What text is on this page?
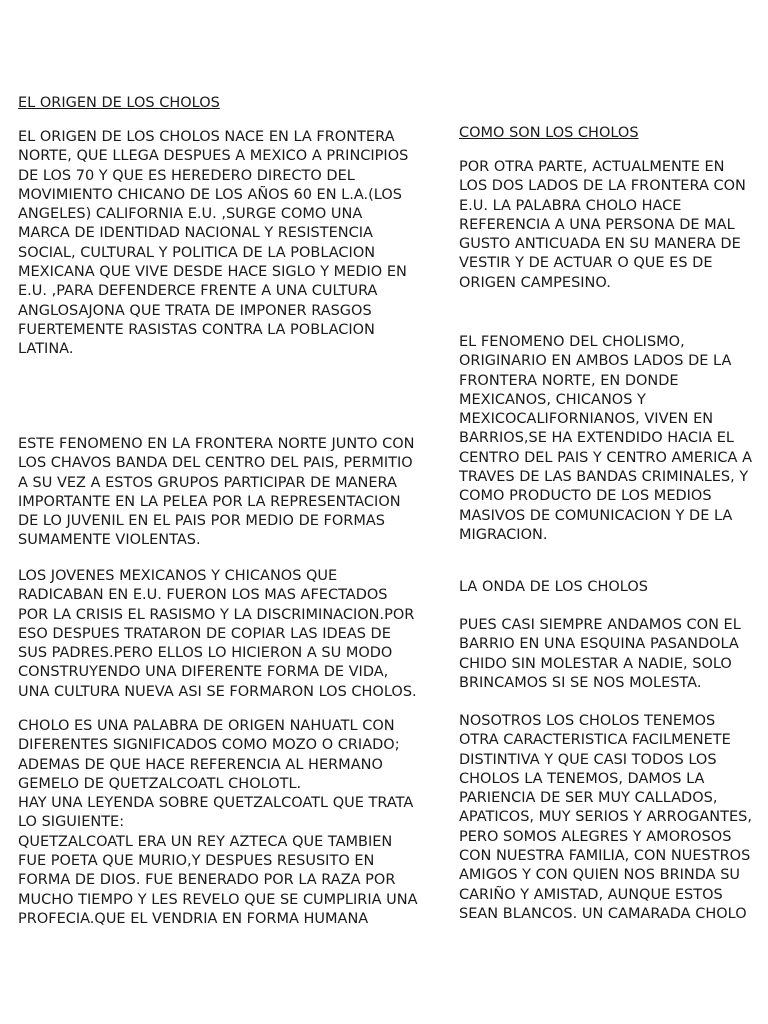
EL ORIGEN DE LOS CHOLOS

EL ORIGEN DE LOS CHOLOS NACE EN LA FRONTERA
NORTE, QUE LLEGA DESPUES A MEXICO A PRINCIPIOS
DE LOS 70 Y QUE ES HEREDERO DIRECTO DEL
MOVIMIENTO CHICANO DE LOS AÑOS 60 EN L.A.(LOS
ANGELES) CALIFORNIA E.U. ,SURGE COMO UNA
MARCA DE IDENTIDAD NACIONAL Y RESISTENCIA
SOCIAL, CULTURAL Y POLITICA DE LA POBLACION
MEXICANA QUE VIVE DESDE HACE SIGLO Y MEDIO EN
E.U. ,PARA DEFENDERCE FRENTE A UNA CULTURA
ANGLOSAJONA QUE TRATA DE IMPONER RASGOS
FUERTEMENTE RASISTAS CONTRA LA POBLACION
LATINA.

ESTE FENOMENO EN LA FRONTERA NORTE JUNTO CON
LOS CHAVOS BANDA DEL CENTRO DEL PAIS, PERMITIO
A SU VEZ A ESTOS GRUPOS PARTICIPAR DE MANERA
IMPORTANTE EN LA PELEA POR LA REPRESENTACION
DE LO JUVENIL EN EL PAIS POR MEDIO DE FORMAS
SUMAMENTE VIOLENTAS.

LOS JOVENES MEXICANOS Y CHICANOS QUE
RADICABAN EN E.U. FUERON LOS MAS AFECTADOS
POR LA CRISIS EL RASISMO Y LA DISCRIMINACION.POR
ESO DESPUES TRATARON DE COPIAR LAS IDEAS DE
SUS PADRES.PERO ELLOS LO HICIERON A SU MODO
CONSTRUYENDO UNA DIFERENTE FORMA DE VIDA,
UNA CULTURA NUEVA ASI SE FORMARON LOS CHOLOS.

CHOLO ES UNA PALABRA DE ORIGEN NAHUATL CON
DIFERENTES SIGNIFICADOS COMO MOZO O CRIADO;
ADEMAS DE QUE HACE REFERENCIA AL HERMANO
GEMELO DE QUETZALCOATL CHOLOTL.
HAY UNA LEYENDA SOBRE QUETZALCOATL QUE TRATA
LO SIGUIENTE:
QUETZALCOATL ERA UN REY AZTECA QUE TAMBIEN
FUE POETA QUE MURIO,Y DESPUES RESUSITO EN
FORMA DE DIOS. FUE BENERADO POR LA RAZA POR
MUCHO TIEMPO Y LES REVELO QUE SE CUMPLIRIA UNA
PROFECIA.QUE EL VENDRIA EN FORMA HUMANA

COMO SON LOS CHOLOS

POR OTRA PARTE, ACTUALMENTE EN
LOS DOS LADOS DE LA FRONTERA CON
E.U. LA PALABRA CHOLO HACE
REFERENCIA A UNA PERSONA DE MAL
GUSTO ANTICUADA EN SU MANERA DE
VESTIR Y DE ACTUAR O QUE ES DE
ORIGEN CAMPESINO.

EL FENOMENO DEL CHOLISMO,
ORIGINARIO EN AMBOS LADOS DE LA
FRONTERA NORTE, EN DONDE
MEXICANOS, CHICANOS Y
MEXICOCALIFORNIANOS, VIVEN EN
BARRIOS,SE HA EXTENDIDO HACIA EL
CENTRO DEL PAIS Y CENTRO AMERICA A
TRAVES DE LAS BANDAS CRIMINALES, Y
COMO PRODUCTO DE LOS MEDIOS
MASIVOS DE COMUNICACION Y DE LA
MIGRACION.

LA ONDA DE LOS CHOLOS

PUES CASI SIEMPRE ANDAMOS CON EL
BARRIO EN UNA ESQUINA PASANDOLA
CHIDO SIN MOLESTAR A NADIE, SOLO
BRINCAMOS SI SE NOS MOLESTA.

NOSOTROS LOS CHOLOS TENEMOS
OTRA CARACTERISTICA FACILMENETE
DISTINTIVA Y QUE CASI TODOS LOS
CHOLOS LA TENEMOS, DAMOS LA
PARIENCIA DE SER MUY CALLADOS,
APATICOS, MUY SERIOS Y ARROGANTES,
PERO SOMOS ALEGRES Y AMOROSOS
CON NUESTRA FAMILIA, CON NUESTROS
AMIGOS Y CON QUIEN NOS BRINDA SU
CARIÑO Y AMISTAD, AUNQUE ESTOS
SEAN BLANCOS. UN CAMARADA CHOLO
